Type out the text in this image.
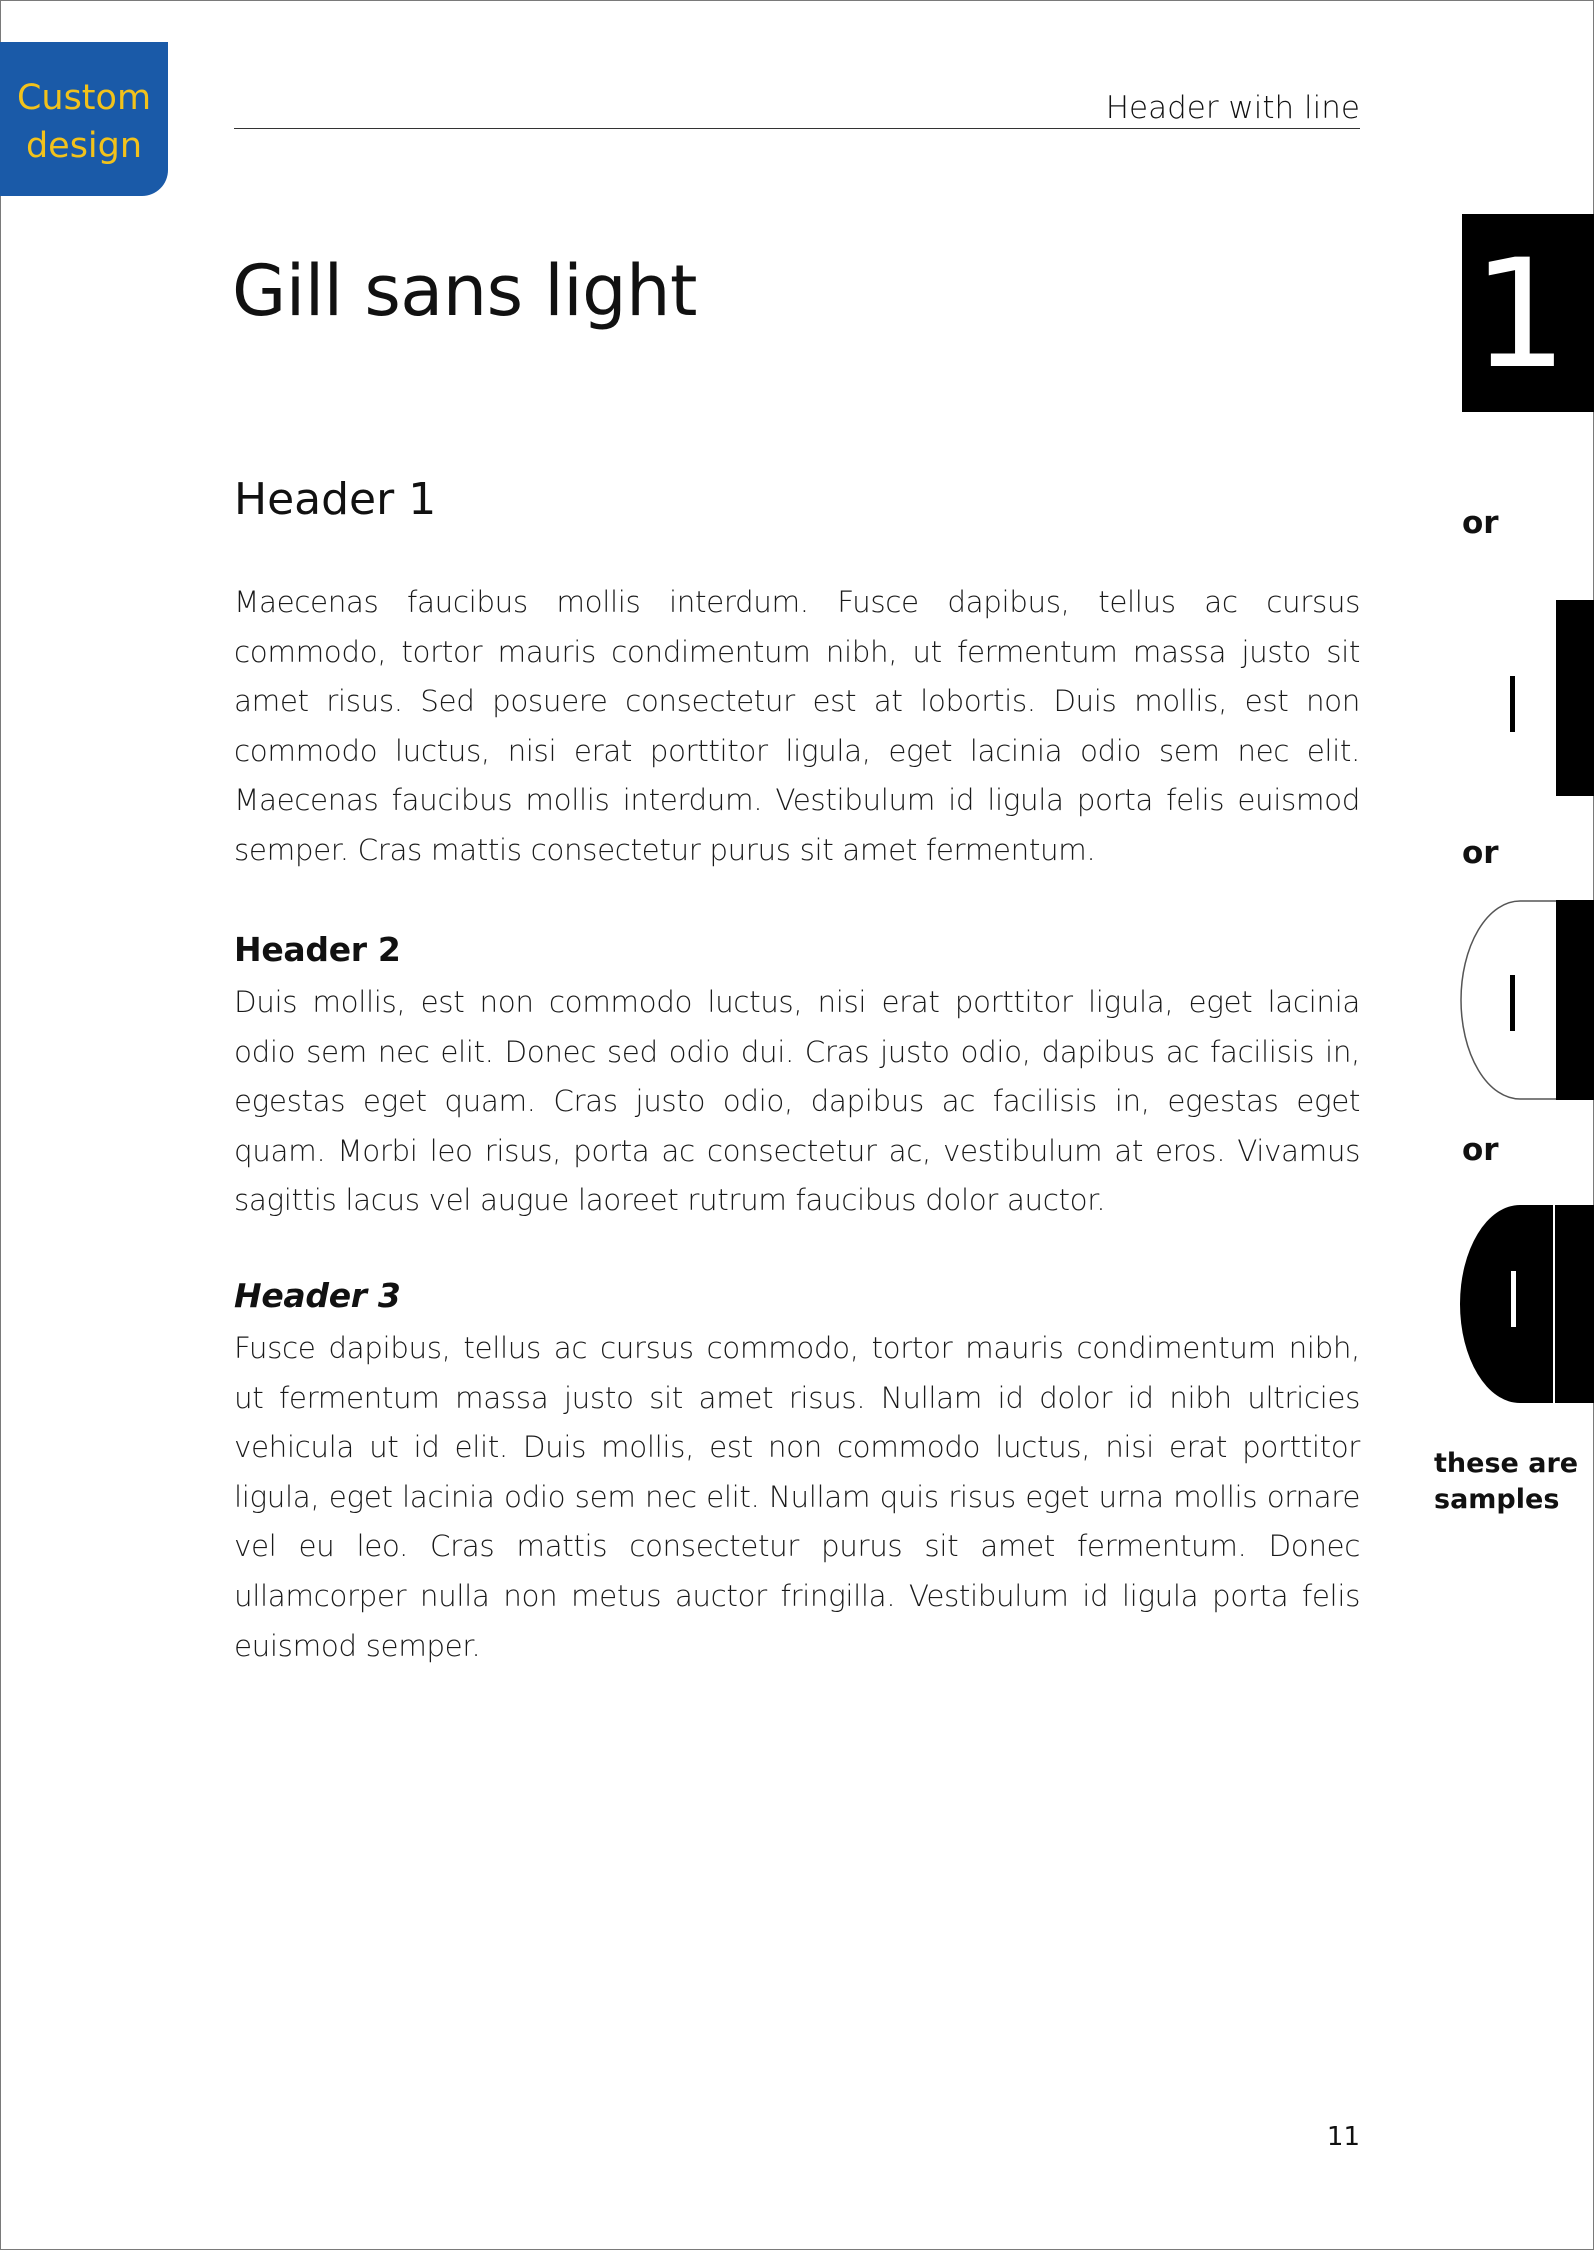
Custom
design
Header with line
Gill sans light
Header 1

Maecenas faucibus mollis interdum. Fusce dapibus, tellus ac cursus commodo, tortor mauris condimentum nibh, ut fermentum massa justo sit amet risus. Sed posuere consectetur est at lobortis. Duis mollis, est non commodo luctus, nisi erat porttitor ligula, eget lacinia odio sem nec elit. Maecenas faucibus mollis interdum. Vestibulum id ligula porta felis euismod semper. Cras mattis consectetur purus sit amet fermentum.

Header 2

Duis mollis, est non commodo luctus, nisi erat porttitor ligula, eget lacinia odio sem nec elit. Donec sed odio dui. Cras justo odio, dapibus ac facilisis in, egestas eget quam. Cras justo odio, dapibus ac facilisis in, egestas eget quam. Morbi leo risus, porta ac consectetur ac, vestibulum at eros. Vivamus sagittis lacus vel augue laoreet rutrum faucibus dolor auctor.

Header 3

Fusce dapibus, tellus ac cursus commodo, tortor mauris condimentum nibh, ut fermentum massa justo sit amet risus. Nullam id dolor id nibh ultricies vehicula ut id elit. Duis mollis, est non commodo luctus, nisi erat porttitor ligula, eget lacinia odio sem nec elit. Nullam quis risus eget urna mollis ornare vel eu leo. Cras mattis consectetur purus sit amet fermentum. Donec ullamcorper nulla non metus auctor fringilla. Vestibulum id ligula porta felis euismod semper.

1
or
or
or
these are
samples
11
